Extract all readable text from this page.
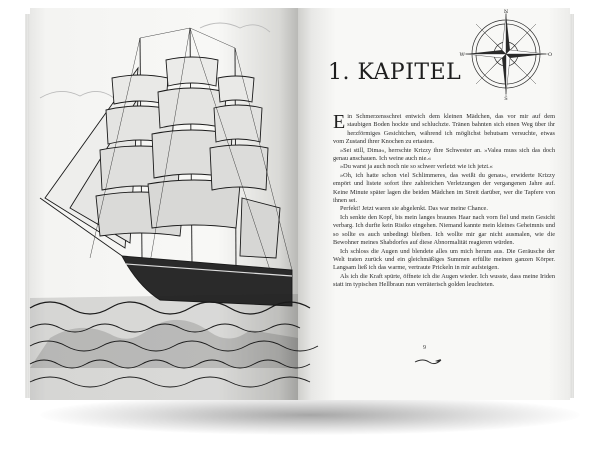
N
S
O
W
1. KAPITEL

Ein Schmerzensschrei entwich dem kleinen Mädchen, das vor mir auf dem staubigen Boden hockte und schluchzte. Tränen bahnten sich einen Weg über ihr herzförmiges Gesichtchen, während ich möglichst behutsam versuchte, etwas vom Zustand ihrer Knochen zu ertasten.

»Sei still, Dima«, herrschte Krizzy ihre Schwester an. »Valea muss sich das doch genau anschauen. Ich weine auch nie.«

»Du warst ja auch noch nie so schwer verletzt wie ich jetzt.«

»Oh, ich hatte schon viel Schlimmeres, das weißt du genau«, erwiderte Krizzy empört und listete sofort ihre zahlreichen Verletzungen der vergangenen Jahre auf. Keine Minute später lagen die beiden Mädchen im Streit darüber, wer die Tapfere von ihnen sei.

Perfekt! Jetzt waren sie abgelenkt. Das war meine Chance.

Ich senkte den Kopf, bis mein langes braunes Haar nach vorn fiel und mein Gesicht verbarg. Ich durfte kein Risiko eingehen. Niemand kannte mein kleines Geheimnis und so sollte es auch unbedingt bleiben. Ich wollte mir gar nicht ausmalen, wie die Bewohner meines Shabdorfes auf diese Abnormalität reagieren würden.

Ich schloss die Augen und blendete alles um mich herum aus. Die Geräusche der Welt traten zurück und ein gleichmäßiges Summen erfüllte meinen ganzen Körper. Langsam ließ ich das warme, vertraute Prickeln in mir aufsteigen.

Als ich die Kraft spürte, öffnete ich die Augen wieder. Ich wusste, dass meine Iriden statt im typischen Hellbraun nun verräterisch golden leuchteten.

9
